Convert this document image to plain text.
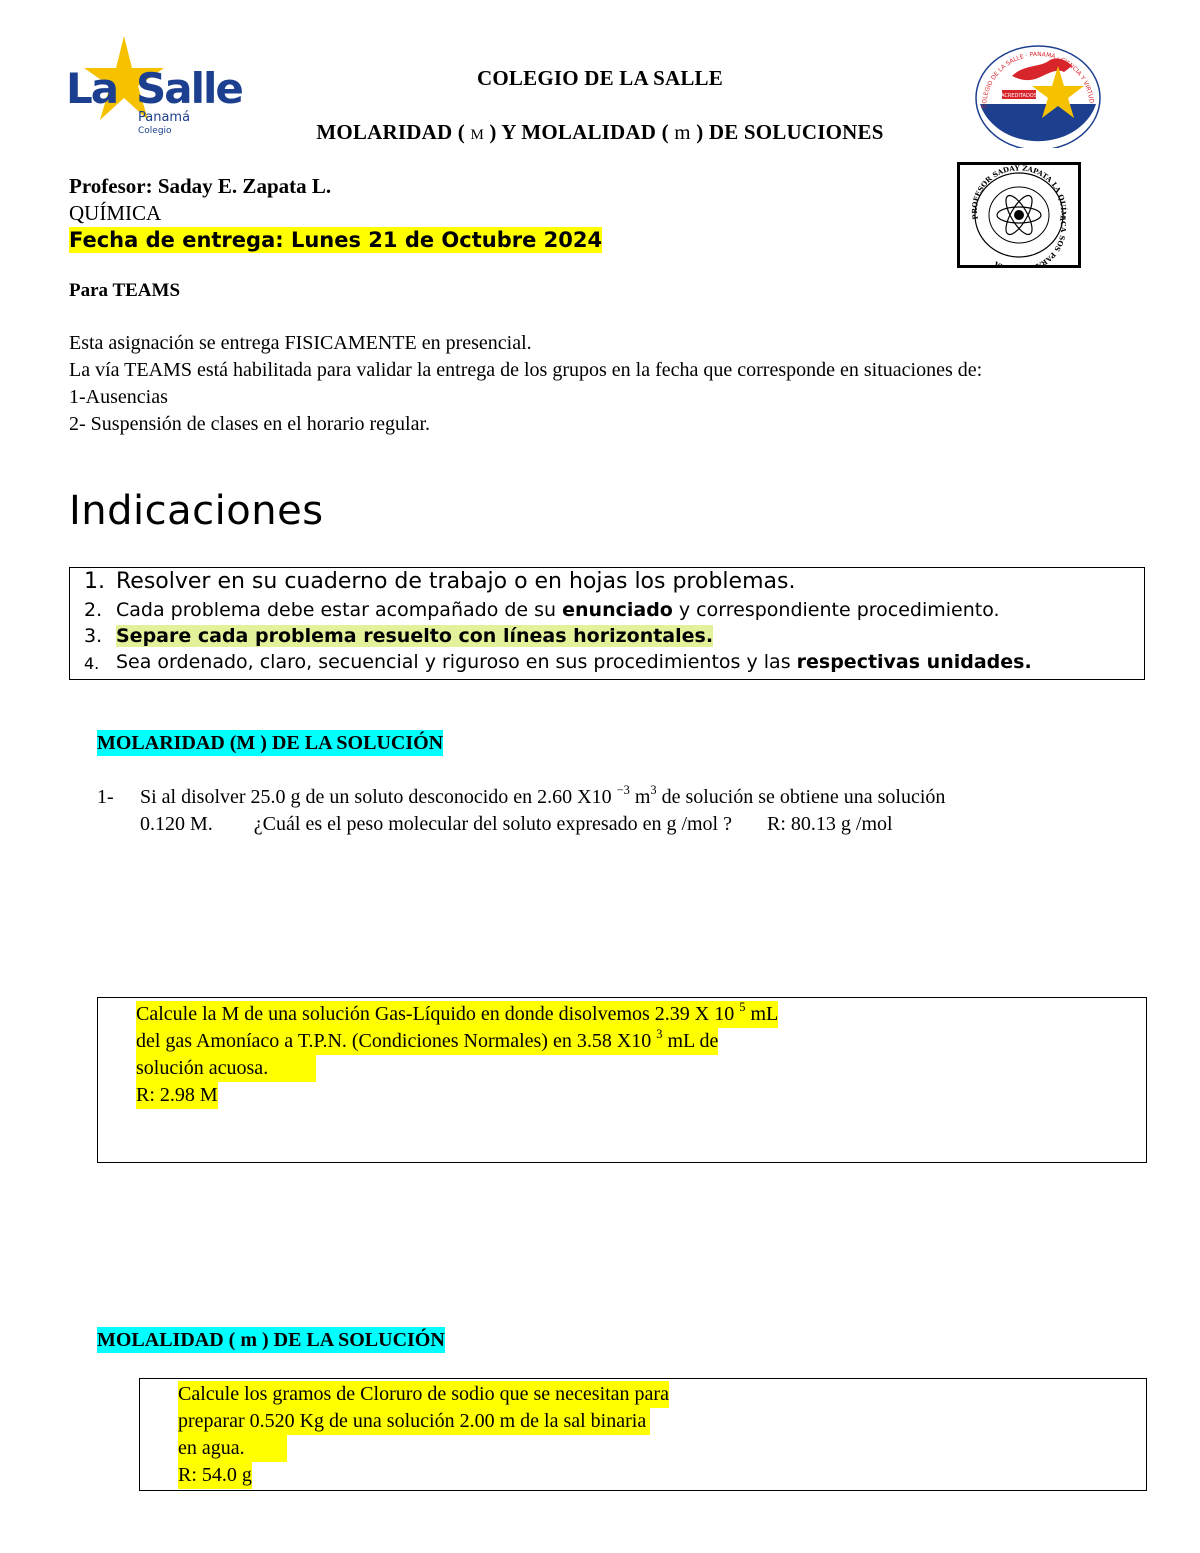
La Salle
Panamá
Colegio
COLEGIO DE LA SALLE
MOLARIDAD ( M ) Y MOLALIDAD ( m ) DE SOLUCIONES
ACREDITADOS
COLEGIO DE LA SALLE · PANAMÁ · CIENCIA Y VIRTUD
PROFESOR SADAY ZAPATA LA QUÍMICA SOS PAR A
Profesor: Saday E. Zapata L.
QUÍMICA
Fecha de entrega: Lunes 21 de Octubre 2024
Para TEAMS
Esta asignación se entrega FISICAMENTE en presencial.
La vía TEAMS está habilitada para validar la entrega de los grupos en la fecha que corresponde en situaciones de:
1-Ausencias
2- Suspensión de clases en el horario regular.
Indicaciones
1. Resolver en su cuaderno de trabajo o en hojas los problemas.
2. Cada problema debe estar acompañado de su enunciado y correspondiente procedimiento.
3. Separe cada problema resuelto con líneas horizontales.
4. Sea ordenado, claro, secuencial y riguroso en sus procedimientos y las respectivas unidades.
MOLARIDAD (M ) DE LA SOLUCIÓN
1- Si al disolver 25.0 g de un soluto desconocido en 2.60 X10 $^{-3}$ $m^3$ de solución se obtiene una solución
0.120 M. ¿Cuál es el peso molecular del soluto expresado en g /mol ? R: 80.13 g /mol
Calcule la M de una solución Gas-Líquido en donde disolvemos 2.39 X 10 $^5$ mL
del gas Amoníaco a T.P.N. (Condiciones Normales) en 3.58 X10 $^3$ mL de
solución acuosa.
R: 2.98 M
MOLALIDAD ( m ) DE LA SOLUCIÓN
Calcule los gramos de Cloruro de sodio que se necesitan para
preparar 0.520 Kg de una solución 2.00 m de la sal binaria
en agua.
R: 54.0 g
